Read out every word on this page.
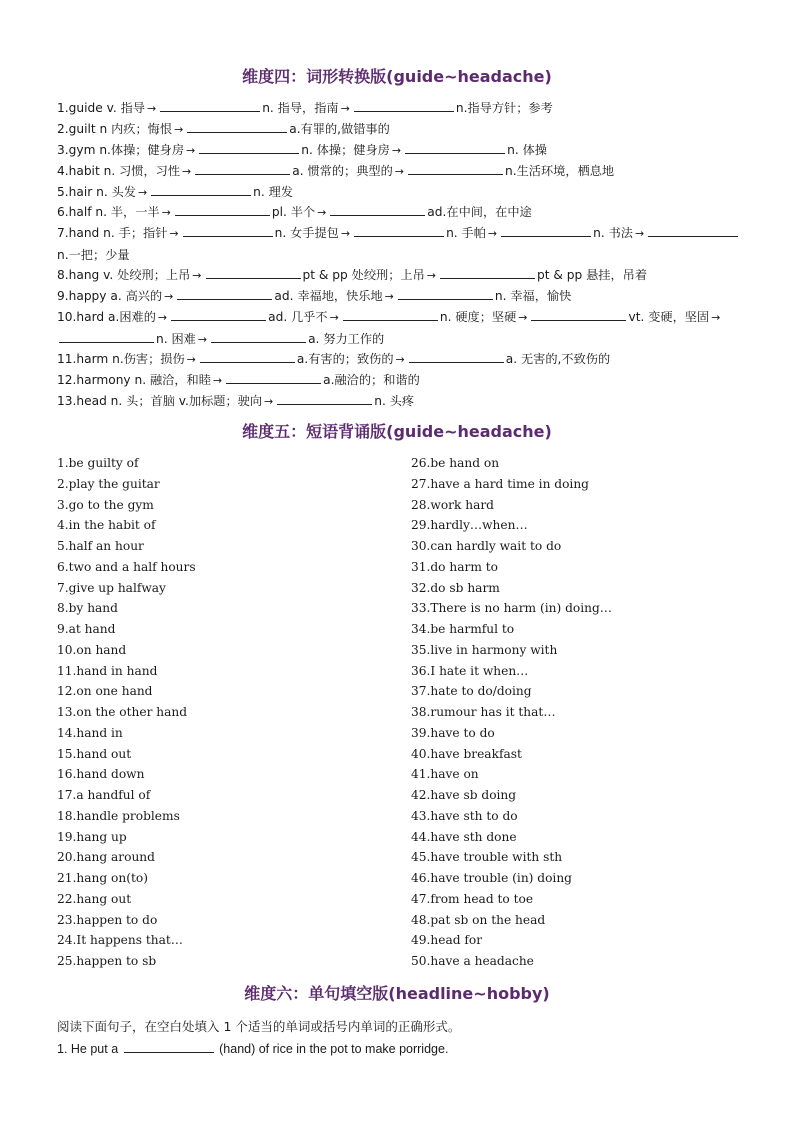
维度四：词形转换版(guide~headache)
1.guide v. 指导 →	n. 指导，指南 →	n.指导方针；参考
2.guilt n 内疚；悔恨 →	a.有罪的,做错事的
3.gym n.体操；健身房 →	n. 体操；健身房 →	n. 体操
4.habit n. 习惯，习性 →	a. 惯常的；典型的 →	n.生活环境，栖息地
5.hair n. 头发 →	n. 理发
6.half n. 半，一半 →	pl. 半个 →	ad.在中间，在中途
7.hand n. 手；指针 →	n. 女手提包 →	n. 手帕 →	n. 书法 →n.一把；少量
8.hang v. 处绞刑；上吊 →	pt & pp 处绞刑；上吊 →	pt & pp 悬挂，吊着
9.happy a. 高兴的 →	ad. 幸福地，快乐地 →	n. 幸福，愉快
10.hard a.困难的 →	ad. 几乎不 →	n. 硬度；坚硬 →	vt. 变硬，坚固 →n. 困难 →	a. 努力工作的
11.harm n.伤害；损伤 →	a.有害的；致伤的 →	a. 无害的,不致伤的
12.harmony n. 融洽，和睦 →	a.融洽的；和谐的
13.head n. 头；首脑 v.加标题；驶向 →	n. 头疼
维度五：短语背诵版(guide~headache)
1.be guilty of
2.play the guitar
3.go to the gym
4.in the habit of
5.half an hour
6.two and a half hours
7.give up halfway
8.by hand
9.at hand
10.on hand
11.hand in hand
12.on one hand
13.on the other hand
14.hand in
15.hand out
16.hand down
17.a handful of
18.handle problems
19.hang up
20.hang around
21.hang on(to)
22.hang out
23.happen to do
24.It happens that…
25.happen to sb
26.be hand on
27.have a hard time in doing
28.work hard
29.hardly…when…
30.can hardly wait to do
31.do harm to
32.do sb harm
33.There is no harm (in) doing…
34.be harmful to
35.live in harmony with
36.I hate it when…
37.hate to do/doing
38.rumour has it that…
39.have to do
40.have breakfast
41.have on
42.have sb doing
43.have sth to do
44.have sth done
45.have trouble with sth
46.have trouble (in) doing
47.from head to toe
48.pat sb on the head
49.head for
50.have a headache
维度六：单句填空版(headline~hobby)
阅读下面句子，在空白处填入 1 个适当的单词或括号内单词的正确形式。
1. He put a	(hand) of rice in the pot to make porridge.
